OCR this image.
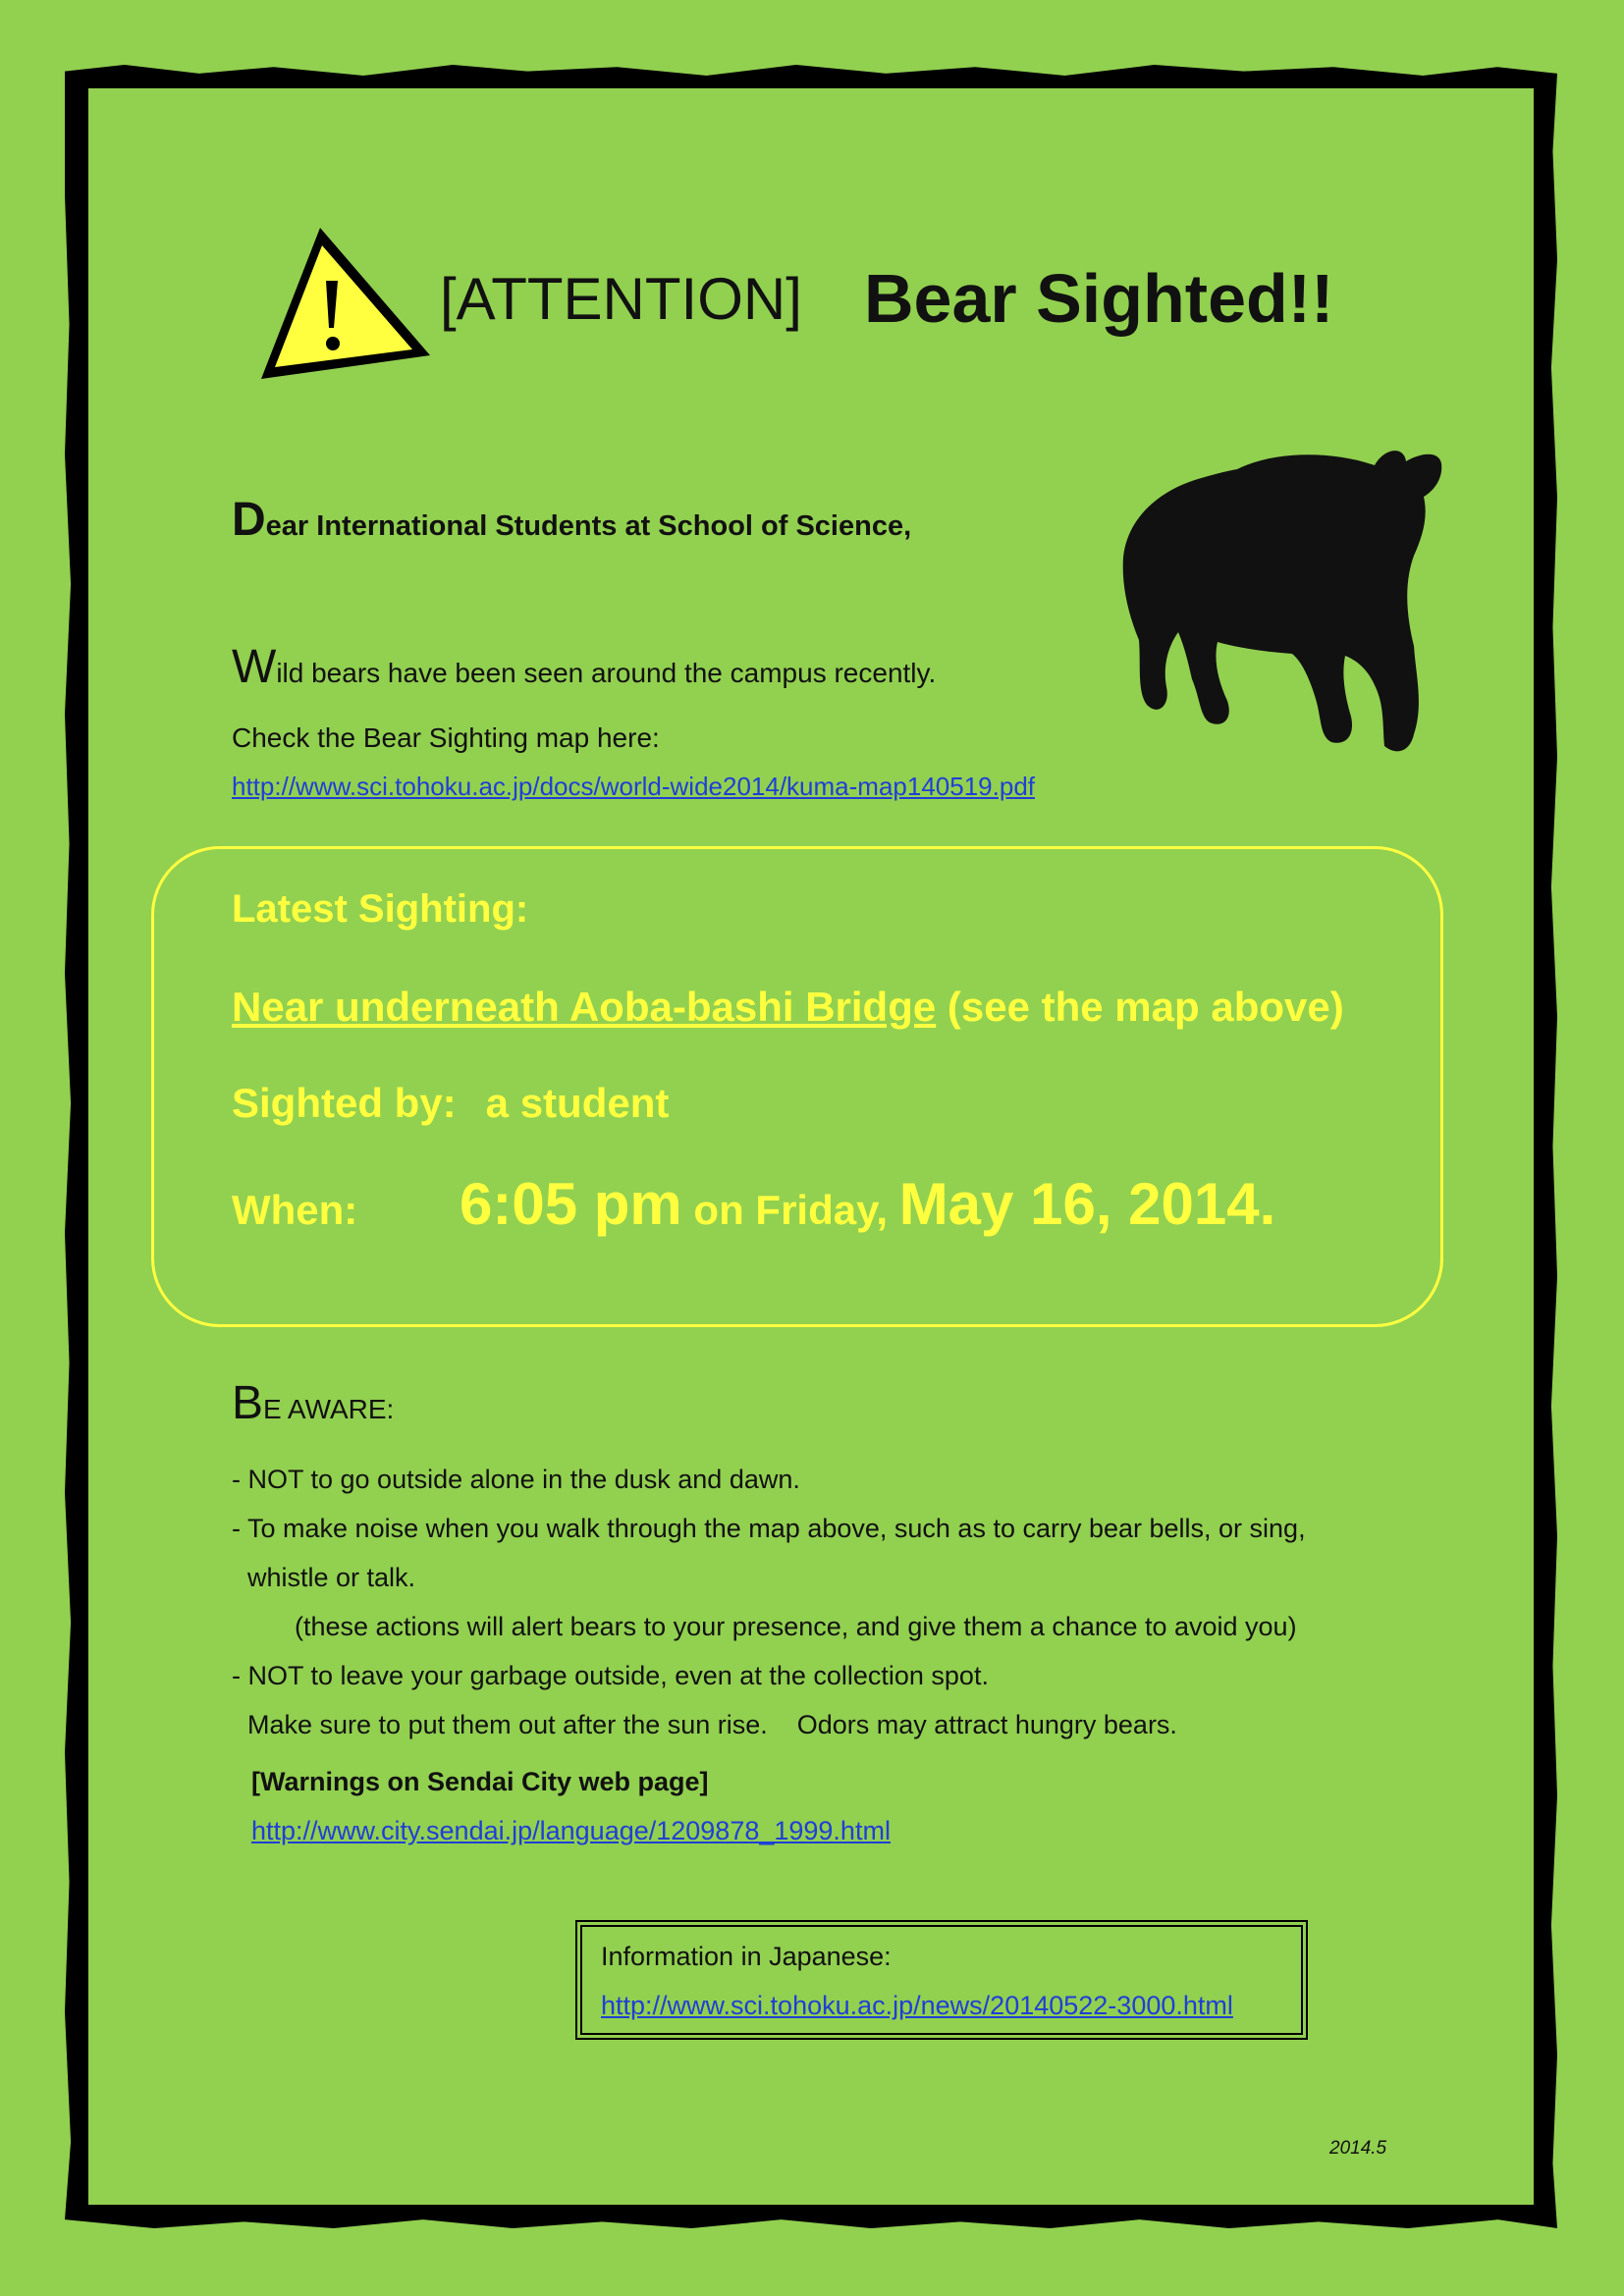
[ATTENTION] Bear Sighted!!
Dear International Students at School of Science,
Wild bears have been seen around the campus recently.
Check the Bear Sighting map here:
http://www.sci.tohoku.ac.jp/docs/world-wide2014/kuma-map140519.pdf
Latest Sighting:
Near underneath Aoba-bashi Bridge (see the map above)
Sighted by: a student
When: 6:05 pm on Friday, May 16, 2014.
BE AWARE:
- NOT to go outside alone in the dusk and dawn.
- To make noise when you walk through the map above, such as to carry bear bells, or sing,
whistle or talk.
(these actions will alert bears to your presence, and give them a chance to avoid you)
- NOT to leave your garbage outside, even at the collection spot.
Make sure to put them out after the sun rise.    Odors may attract hungry bears.
[Warnings on Sendai City web page]
http://www.city.sendai.jp/language/1209878_1999.html
Information in Japanese:
http://www.sci.tohoku.ac.jp/news/20140522-3000.html
2014.5
